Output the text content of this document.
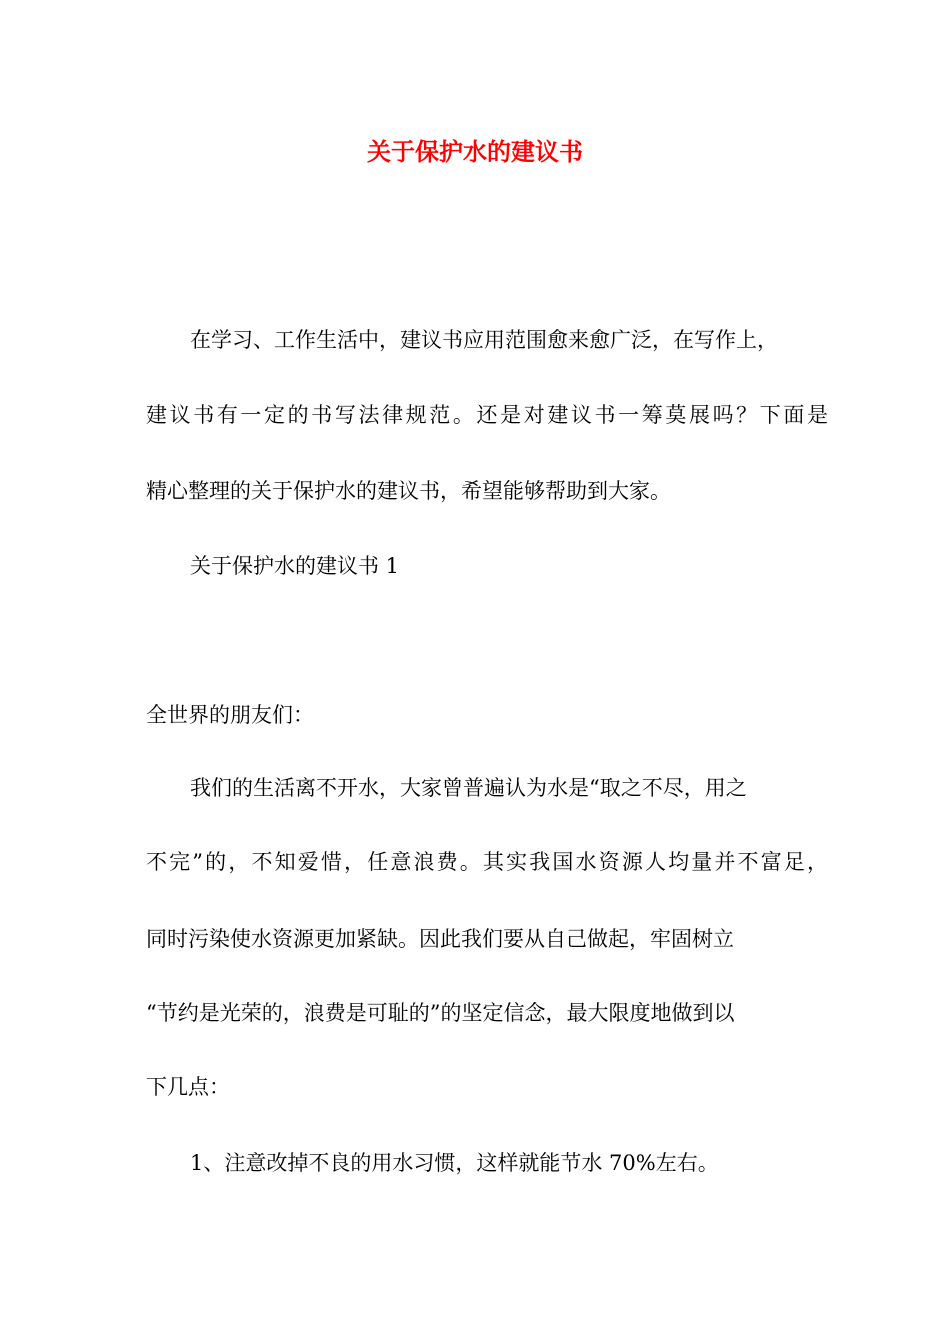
关于保护水的建议书
在学习、工作生活中，建议书应用范围愈来愈广泛，在写作上，
建议书有一定的书写法律规范。还是对建议书一筹莫展吗？下面是
精心整理的关于保护水的建议书，希望能够帮助到大家。
关于保护水的建议书 1
全世界的朋友们：
我们的生活离不开水，大家曾普遍认为水是“取之不尽，用之
不完”的，不知爱惜，任意浪费。其实我国水资源人均量并不富足，
同时污染使水资源更加紧缺。因此我们要从自己做起，牢固树立
“节约是光荣的，浪费是可耻的”的坚定信念，最大限度地做到以
下几点：
1、注意改掉不良的用水习惯，这样就能节水 70%左右。
